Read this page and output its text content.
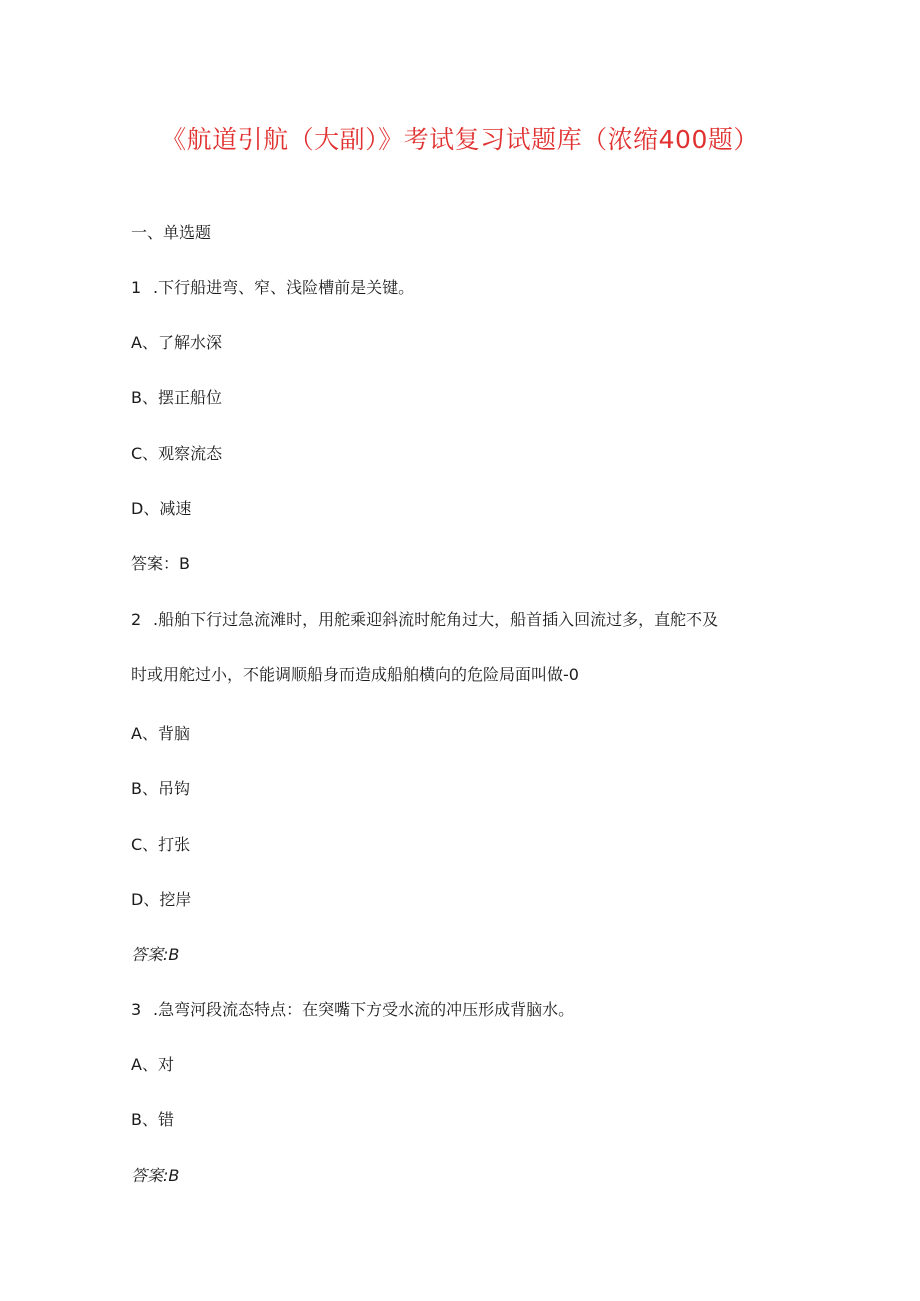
《航道引航（大副）》考试复习试题库（浓缩400题）
一、单选题
1 .下行船进弯、窄、浅险槽前是关键。
A、了解水深
B、摆正船位
C、观察流态
D、减速
答案：B
2 .船舶下行过急流滩时，用舵乘迎斜流时舵角过大，船首插入回流过多，直舵不及
时或用舵过小，不能调顺船身而造成船舶横向的危险局面叫做-0
A、背脑
B、吊钩
C、打张
D、挖岸
答案:B
3 .急弯河段流态特点：在突嘴下方受水流的冲压形成背脑水。
A、对
B、错
答案:B
